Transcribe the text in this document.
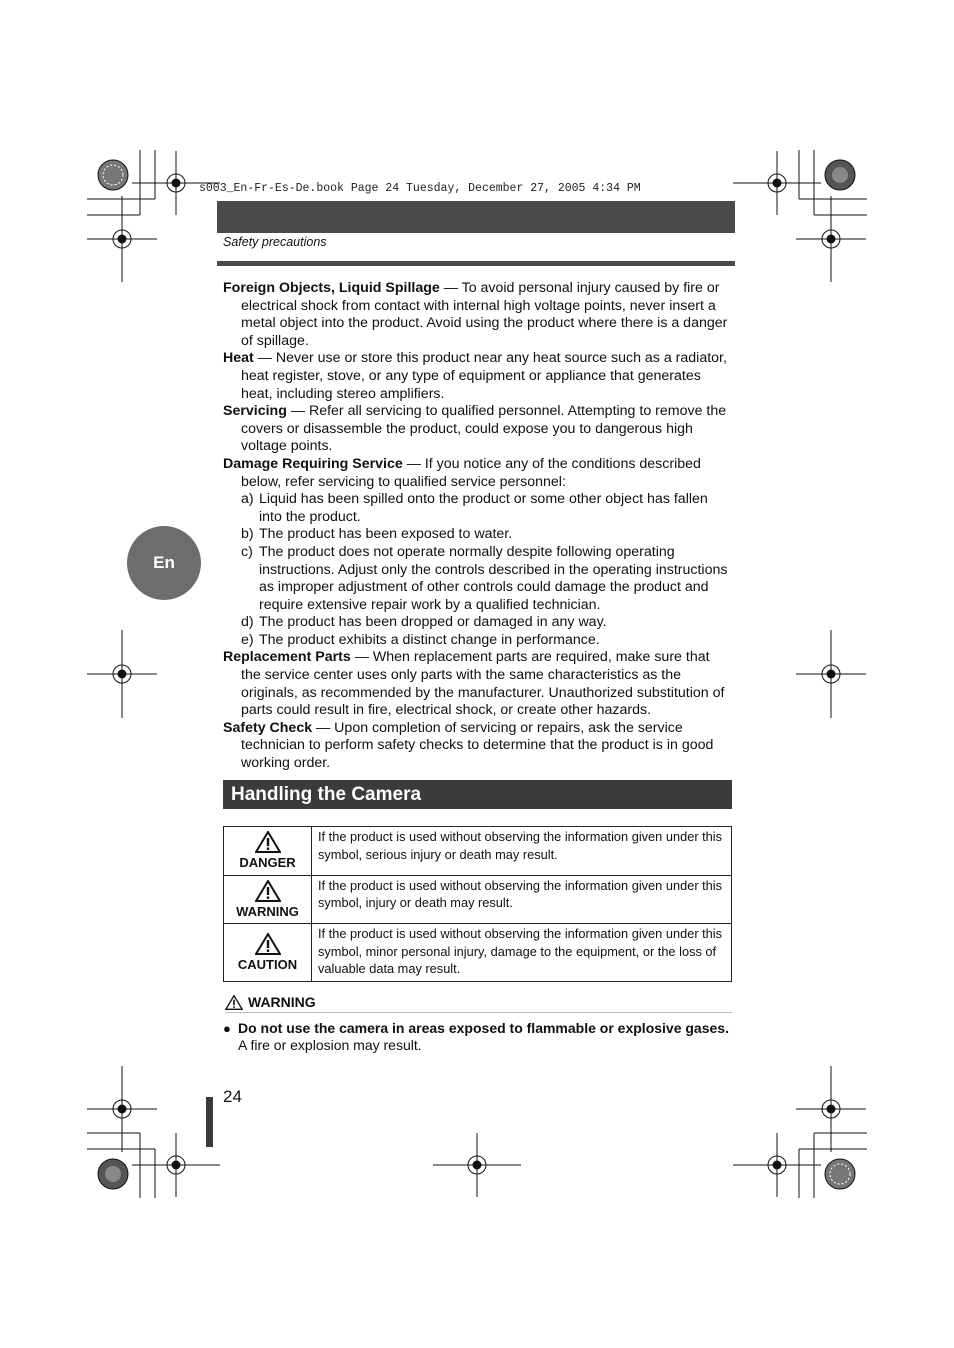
s003_En-Fr-Es-De.book Page 24 Tuesday, December 27, 2005 4:34 PM
Safety precautions
En

Foreign Objects, Liquid Spillage — To avoid personal injury caused by fire or electrical shock from contact with internal high voltage points, never insert a metal object into the product. Avoid using the product where there is a danger of spillage.

Heat — Never use or store this product near any heat source such as a radiator, heat register, stove, or any type of equipment or appliance that generates heat, including stereo amplifiers.

Servicing — Refer all servicing to qualified personnel. Attempting to remove the covers or disassemble the product, could expose you to dangerous high voltage points.

Damage Requiring Service — If you notice any of the conditions described below, refer servicing to qualified service personnel:

a) Liquid has been spilled onto the product or some other object has fallen into the product.
b) The product has been exposed to water.
c) The product does not operate normally despite following operating instructions. Adjust only the controls described in the operating instructions as improper adjustment of other controls could damage the product and require extensive repair work by a qualified technician.
d) The product has been dropped or damaged in any way.
e) The product exhibits a distinct change in performance.

Replacement Parts — When replacement parts are required, make sure that the service center uses only parts with the same characteristics as the originals, as recommended by the manufacturer. Unauthorized substitution of parts could result in fire, electrical shock, or create other hazards.

Safety Check — Upon completion of servicing or repairs, ask the service technician to perform safety checks to determine that the product is in good working order.

Handling the Camera
DANGER	If the product is used without observing the information given under this symbol, serious injury or death may result.

WARNING	If the product is used without observing the information given under this symbol, injury or death may result.

CAUTION	If the product is used without observing the information given under this symbol, minor personal injury, damage to the equipment, or the loss of valuable data may result.
WARNING
● Do not use the camera in areas exposed to flammable or explosive gases.
A fire or explosion may result.
24
